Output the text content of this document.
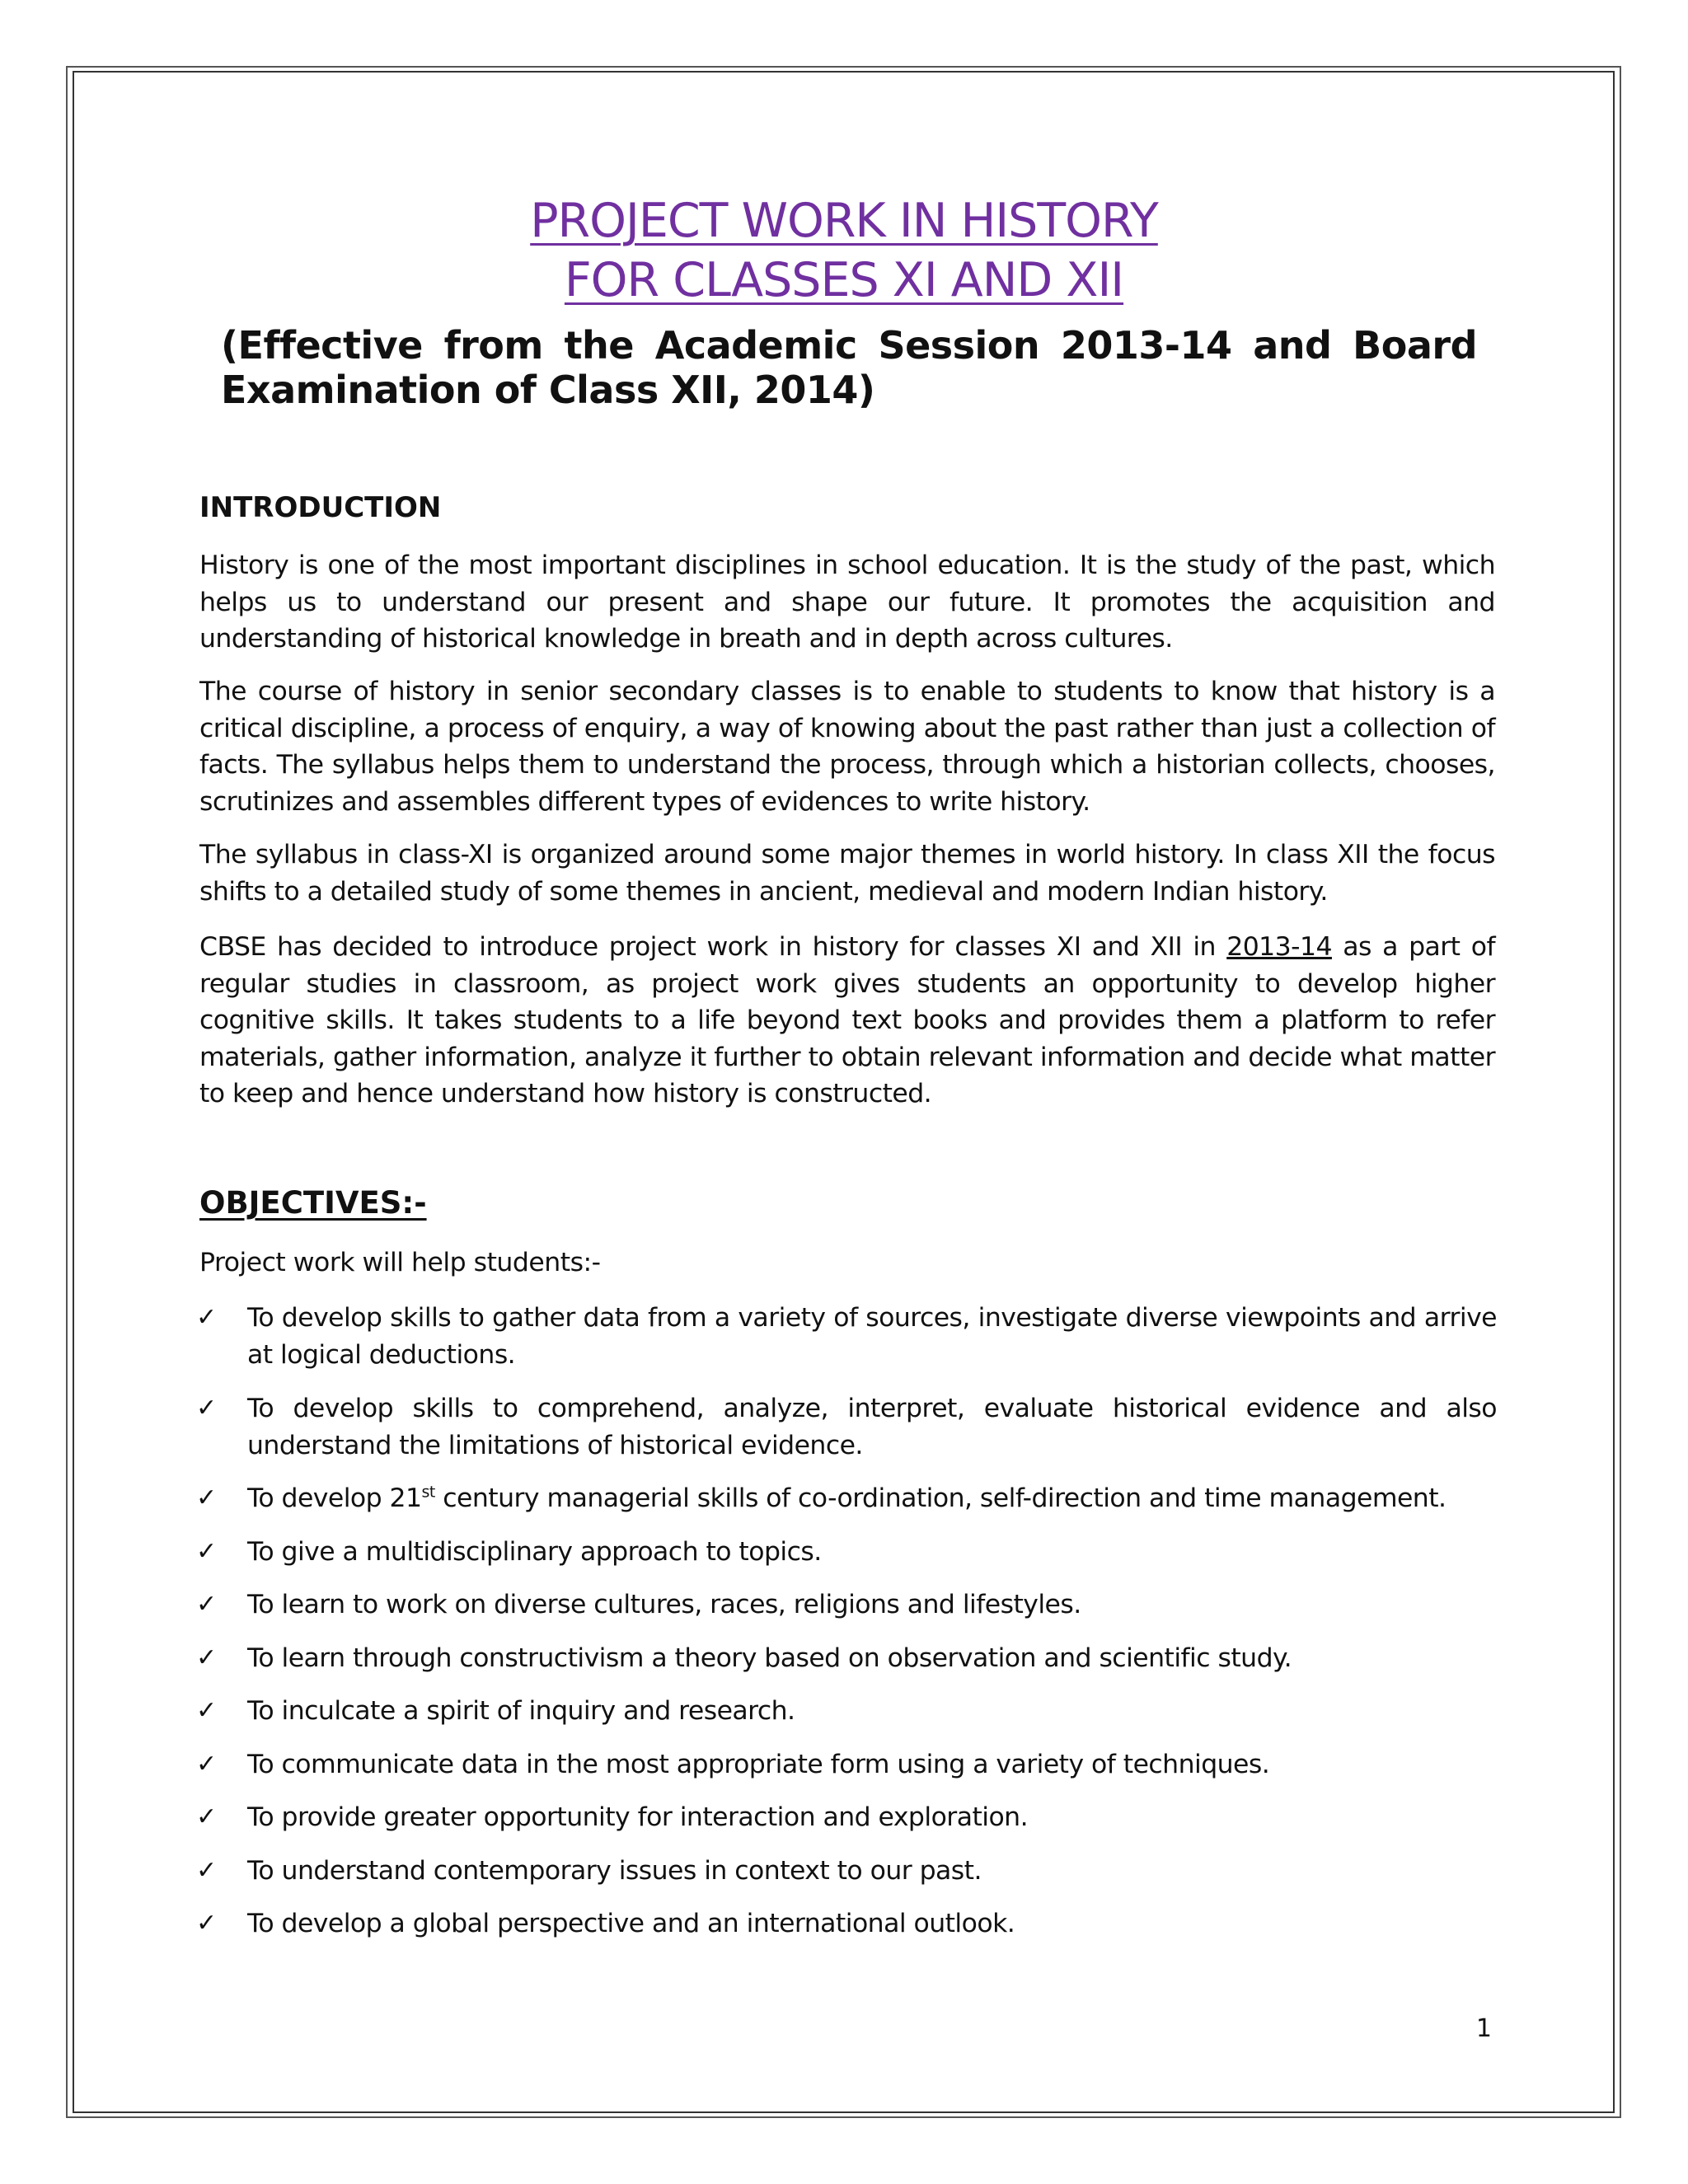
PROJECT WORK IN HISTORY
FOR CLASSES XI AND XII
(Effective from the Academic Session 2013-14 and Board Examination of Class XII, 2014)
INTRODUCTION
History is one of the most important disciplines in school education. It is the study of the past, which helps us to understand our present and shape our future. It promotes the acquisition and understanding of historical knowledge in breath and in depth across cultures.
The course of history in senior secondary classes is to enable to students to know that history is a critical discipline, a process of enquiry, a way of knowing about the past rather than just a collection of facts. The syllabus helps them to understand the process, through which a historian collects, chooses, scrutinizes and assembles different types of evidences to write history.
The syllabus in class-XI is organized around some major themes in world history. In class XII the focus shifts to a detailed study of some themes in ancient, medieval and modern Indian history.
CBSE has decided to introduce project work in history for classes XI and XII in 2013-14 as a part of regular studies in classroom, as project work gives students an opportunity to develop higher cognitive skills. It takes students to a life beyond text books and provides them a platform to refer materials, gather information, analyze it further to obtain relevant information and decide what matter to keep and hence understand how history is constructed.
OBJECTIVES:-
Project work will help students:-
✓ To develop skills to gather data from a variety of sources, investigate diverse viewpoints and arrive at logical deductions.
✓ To develop skills to comprehend, analyze, interpret, evaluate historical evidence and also understand the limitations of historical evidence.
✓ To develop 21st century managerial skills of co-ordination, self-direction and time management.
✓ To give a multidisciplinary approach to topics.
✓ To learn to work on diverse cultures, races, religions and lifestyles.
✓ To learn through constructivism a theory based on observation and scientific study.
✓ To inculcate a spirit of inquiry and research.
✓ To communicate data in the most appropriate form using a variety of techniques.
✓ To provide greater opportunity for interaction and exploration.
✓ To understand contemporary issues in context to our past.
✓ To develop a global perspective and an international outlook.
1
